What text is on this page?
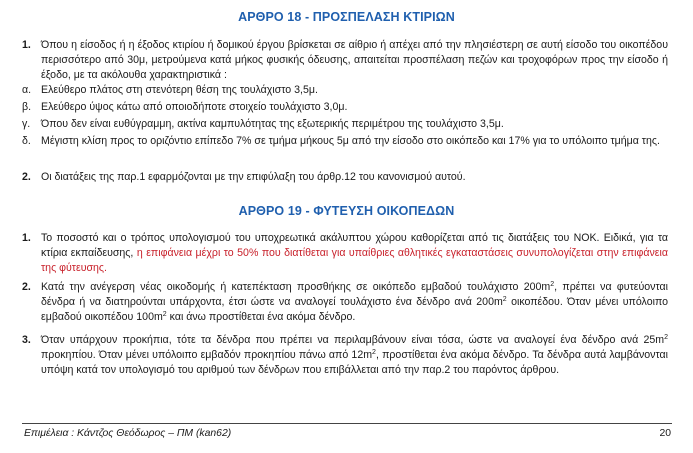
ΑΡΘΡΟ 18 - ΠΡΟΣΠΕΛΑΣΗ ΚΤΙΡΙΩΝ
1. Όπου η είσοδος ή η έξοδος κτιρίου ή δομικού έργου βρίσκεται σε αίθριο ή απέχει από την πλησιέστερη σε αυτή είσοδο του οικοπέδου περισσότερο από 30μ, μετρούμενα κατά μήκος φυσικής όδευσης, απαιτείται προσπέλαση πεζών και τροχοφόρων προς την είσοδο ή έξοδο, με τα ακόλουθα χαρακτηριστικά :
α. Ελεύθερο πλάτος στη στενότερη θέση της τουλάχιστο 3,5μ.
β. Ελεύθερο ύψος κάτω από οποιοδήποτε στοιχείο τουλάχιστο 3,0μ.
γ. Όπου δεν είναι ευθύγραμμη, ακτίνα καμπυλότητας της εξωτερικής περιμέτρου της τουλάχιστο 3,5μ.
δ. Μέγιστη κλίση προς το οριζόντιο επίπεδο 7% σε τμήμα μήκους 5μ από την είσοδο στο οικόπεδο και 17% για το υπόλοιπο τμήμα της.
2. Οι διατάξεις της παρ.1 εφαρμόζονται με την επιφύλαξη του άρθρ.12 του κανονισμού αυτού.
ΑΡΘΡΟ 19 - ΦΥΤΕΥΣΗ ΟΙΚΟΠΕΔΩΝ
1. Το ποσοστό και ο τρόπος υπολογισμού του υποχρεωτικά ακάλυπτου χώρου καθορίζεται από τις διατάξεις του ΝΟΚ. Ειδικά, για τα κτίρια εκπαίδευσης, η επιφάνεια μέχρι το 50% που διατίθεται για υπαίθριες αθλητικές εγκαταστάσεις συνυπολογίζεται στην επιφάνεια της φύτευσης.
2. Κατά την ανέγερση νέας οικοδομής ή κατεπέκταση προσθήκης σε οικόπεδο εμβαδού τουλάχιστο $200m^2$, πρέπει να φυτεύονται δένδρα ή να διατηρούνται υπάρχοντα, έτσι ώστε να αναλογεί τουλάχιστο ένα δένδρο ανά $200m^2$ οικοπέδου. Όταν μένει υπόλοιπο εμβαδού οικοπέδου $100m^2$ και άνω προστίθεται ένα ακόμα δένδρο.
3. Όταν υπάρχουν προκήπια, τότε τα δένδρα που πρέπει να περιλαμβάνουν είναι τόσα, ώστε να αναλογεί ένα δένδρο ανά $25m^2$ προκηπίου. Όταν μένει υπόλοιπο εμβαδόν προκηπίου πάνω από $12m^2$, προστίθεται ένα ακόμα δένδρο. Τα δένδρα αυτά λαμβάνονται υπόψη κατά τον υπολογισμό του αριθμού των δένδρων που επιβάλλεται από την παρ.2 του παρόντος άρθρου.
Επιμέλεια : Κάντζος Θεόδωρος – ΠΜ (kan62)	20
